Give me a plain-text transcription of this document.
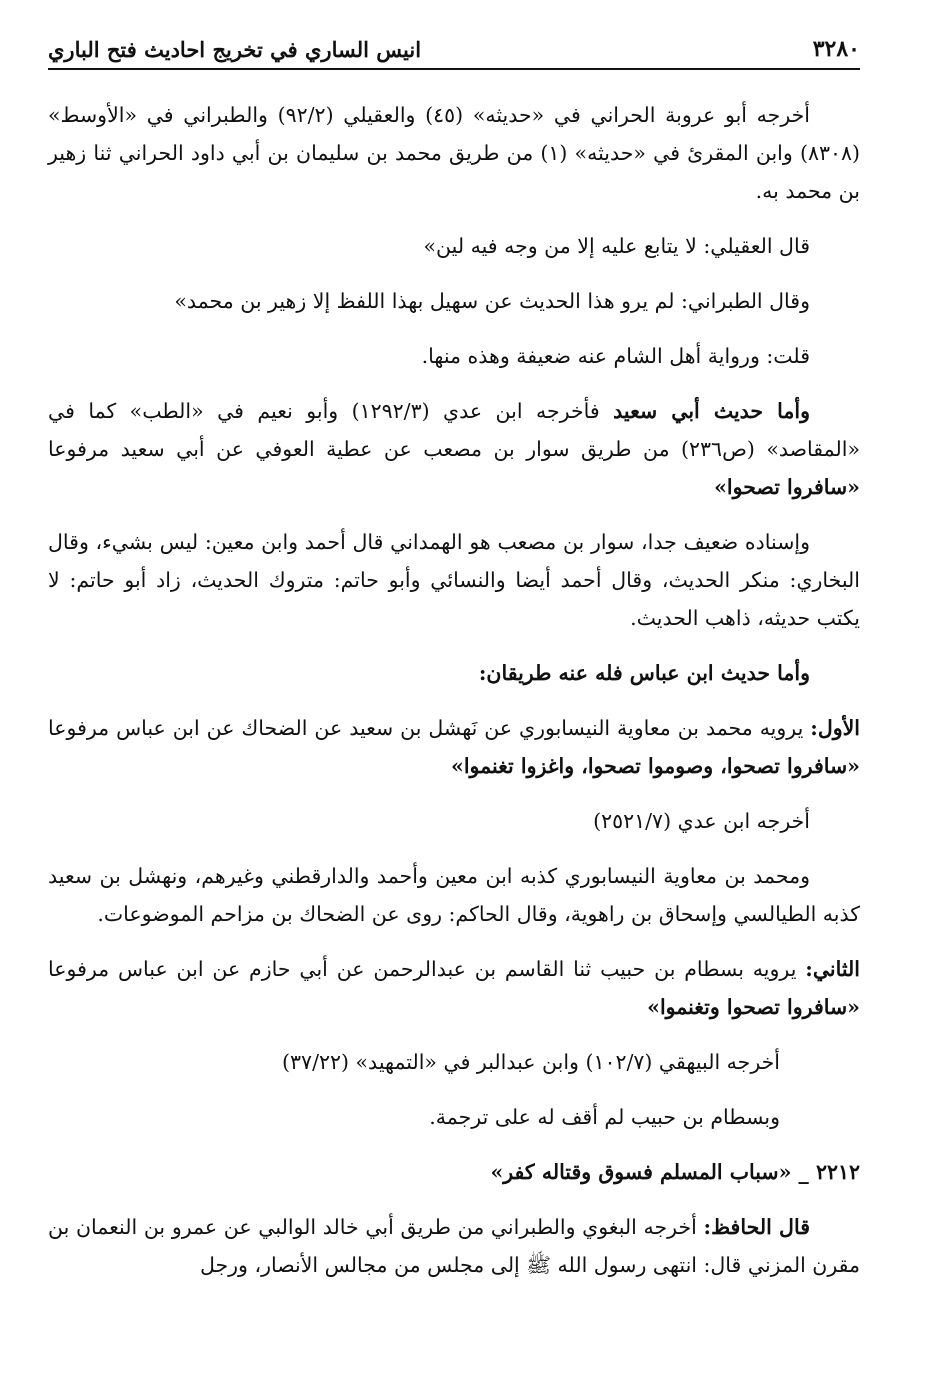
٣٢٨٠
انيس الساري في تخريج احاديث فتح الباري

أخرجه أبو عروبة الحراني في «حديثه» (٤٥) والعقيلي (٩٢/٢) والطبراني في «الأوسط» (٨٣٠٨) وابن المقرئ في «حديثه» (١) من طريق محمد بن سليمان بن أبي داود الحراني ثنا زهير بن محمد به.

قال العقيلي: لا يتابع عليه إلا من وجه فيه لين»

وقال الطبراني: لم يرو هذا الحديث عن سهيل بهذا اللفظ إلا زهير بن محمد»

قلت: ورواية أهل الشام عنه ضعيفة وهذه منها.

وأما حديث أبي سعيد فأخرجه ابن عدي (١٢٩٢/٣) وأبو نعيم في «الطب» كما في «المقاصد» (ص٢٣٦) من طريق سوار بن مصعب عن عطية العوفي عن أبي سعيد مرفوعا «سافروا تصحوا»

وإسناده ضعيف جدا، سوار بن مصعب هو الهمداني قال أحمد وابن معين: ليس بشيء، وقال البخاري: منكر الحديث، وقال أحمد أيضا والنسائي وأبو حاتم: متروك الحديث، زاد أبو حاتم: لا يكتب حديثه، ذاهب الحديث.

وأما حديث ابن عباس فله عنه طريقان:

الأول: يرويه محمد بن معاوية النيسابوري عن نَهشل بن سعيد عن الضحاك عن ابن عباس مرفوعا «سافروا تصحوا، وصوموا تصحوا، واغزوا تغنموا»

أخرجه ابن عدي (٢٥٢١/٧)

ومحمد بن معاوية النيسابوري كذبه ابن معين وأحمد والدارقطني وغيرهم، ونهشل بن سعيد كذبه الطيالسي وإسحاق بن راهوية، وقال الحاكم: روى عن الضحاك بن مزاحم الموضوعات.

الثاني: يرويه بسطام بن حبيب ثنا القاسم بن عبدالرحمن عن أبي حازم عن ابن عباس مرفوعا «سافروا تصحوا وتغنموا»

أخرجه البيهقي (١٠٢/٧) وابن عبدالبر في «التمهيد» (٣٧/٢٢)

وبسطام بن حبيب لم أقف له على ترجمة.

٢٢١٢ _ «سباب المسلم فسوق وقتاله كفر»

قال الحافظ: أخرجه البغوي والطبراني من طريق أبي خالد الوالبي عن عمرو بن النعمان بن مقرن المزني قال: انتهى رسول الله ﷺ إلى مجلس من مجالس الأنصار، ورجل
